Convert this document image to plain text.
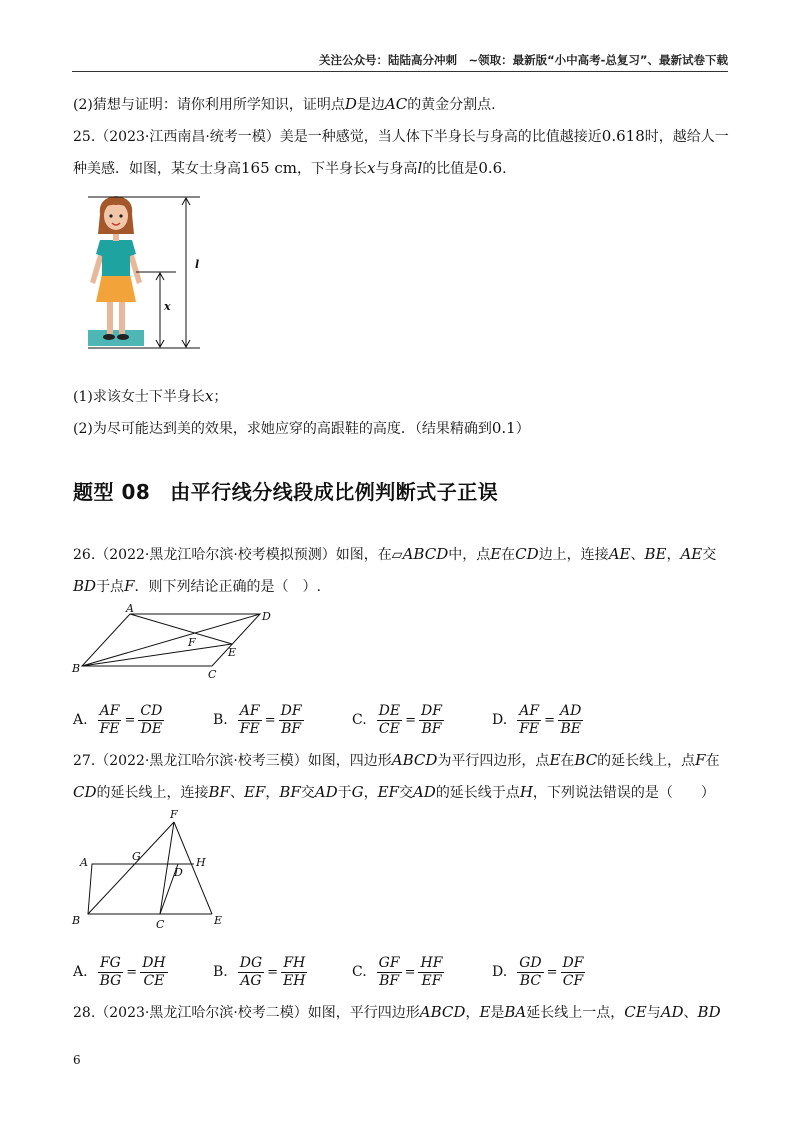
关注公众号：陆陆高分冲刺　~领取：最新版“小中高考-总复习”、最新试卷下载
(2)猜想与证明：请你利用所学知识，证明点D是边AC的黄金分割点.
25.（2023·江西南昌·统考一模）美是一种感觉，当人体下半身长与身高的比值越接近0.618时，越给人一
种美感．如图，某女士身高165 cm，下半身长x与身高l的比值是0.6.
l
x
(1)求该女士下半身长x；
(2)为尽可能达到美的效果，求她应穿的高跟鞋的高度．（结果精确到0.1）
题型 08 由平行线分线段成比例判断式子正误
26.（2022·黑龙江哈尔滨·校考模拟预测）如图，在▱ABCD中，点E在CD边上，连接AE、BE，AE交
BD于点F．则下列结论正确的是（　）.
A
D
F
E
B	C
A. $\frac{AF}{FE} = \frac{CD}{DE}$	B. $\frac{AF}{FE} = \frac{DF}{BF}$	C. $\frac{DE}{CE} = \frac{DF}{BF}$	D. $\frac{AF}{FE} = \frac{AD}{BE}$
27.（2022·黑龙江哈尔滨·校考三模）如图，四边形ABCD为平行四边形，点E在BC的延长线上，点F在
CD的延长线上，连接BF、EF，BF交AD于G，EF交AD的延长线于点H，下列说法错误的是（　　）
F
A	G	H
D
B	C	E
A. $\frac{FG}{BG} = \frac{DH}{CE}$	B. $\frac{DG}{AG} = \frac{FH}{EH}$	C. $\frac{GF}{BF} = \frac{HF}{EF}$	D. $\frac{GD}{BC} = \frac{DF}{CF}$
28.（2023·黑龙江哈尔滨·校考二模）如图，平行四边形ABCD，E是BA延长线上一点，CE与AD、BD
6
